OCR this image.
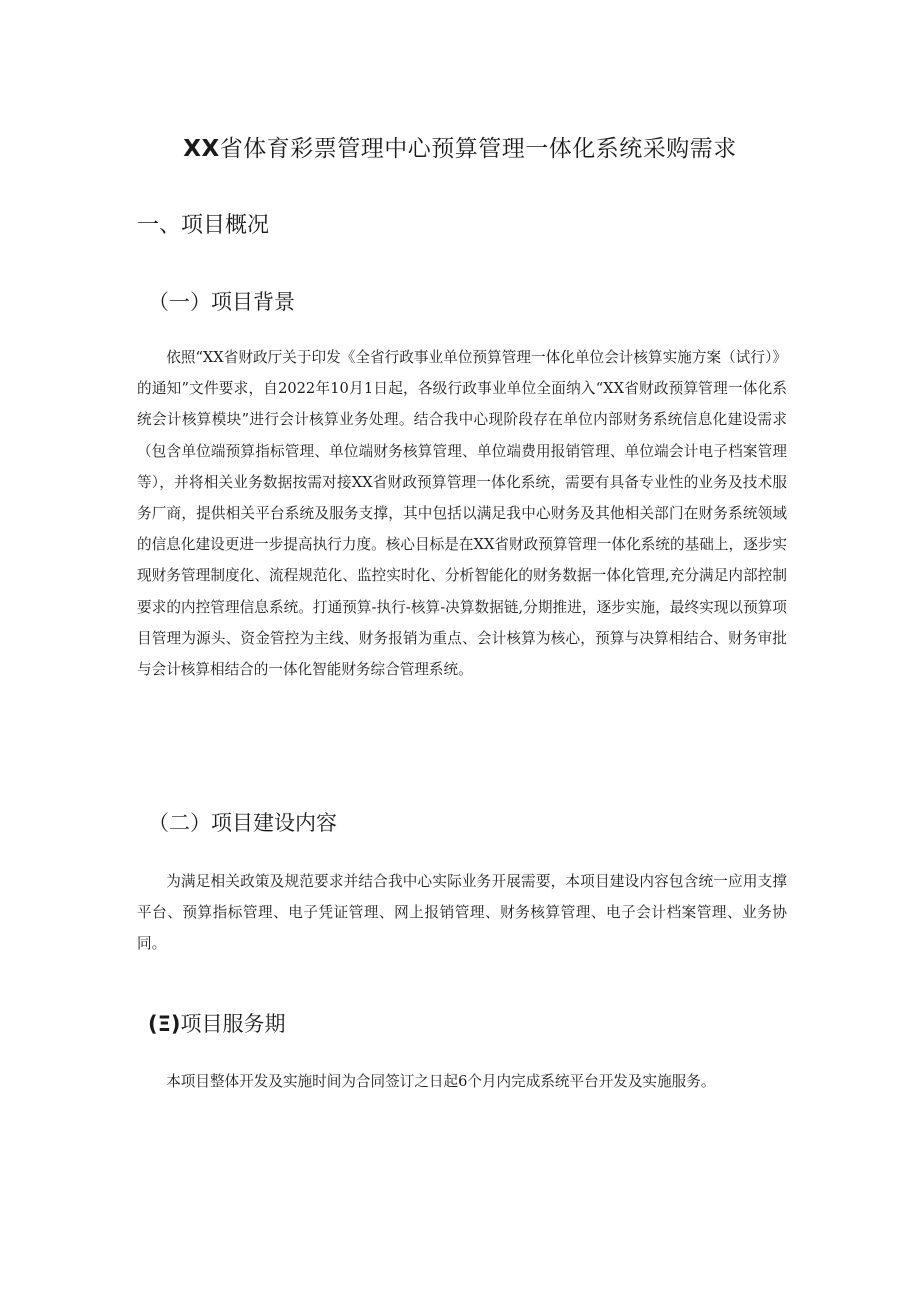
XX省体育彩票管理中心预算管理一体化系统采购需求
一、项目概况
（一）项目背景

依照“XX省财政厅关于印发《全省行政事业单位预算管理一体化单位会计核算实施方案（试行）》的通知”文件要求，自2022年10月1日起，各级行政事业单位全面纳入“XX省财政预算管理一体化系统会计核算模块”进行会计核算业务处理。结合我中心现阶段存在单位内部财务系统信息化建设需求（包含单位端预算指标管理、单位端财务核算管理、单位端费用报销管理、单位端会计电子档案管理等），并将相关业务数据按需对接XX省财政预算管理一体化系统，需要有具备专业性的业务及技术服务厂商，提供相关平台系统及服务支撑，其中包括以满足我中心财务及其他相关部门在财务系统领域的信息化建设更进一步提高执行力度。核心目标是在XX省财政预算管理一体化系统的基础上，逐步实现财务管理制度化、流程规范化、监控实时化、分析智能化的财务数据一体化管理,充分满足内部控制要求的内控管理信息系统。打通预算-执行-核算-决算数据链,分期推进，逐步实施，最终实现以预算项目管理为源头、资金管控为主线、财务报销为重点、会计核算为核心，预算与决算相结合、财务审批与会计核算相结合的一体化智能财务综合管理系统。

（二）项目建设内容

为满足相关政策及规范要求并结合我中心实际业务开展需要，本项目建设内容包含统一应用支撑平台、预算指标管理、电子凭证管理、网上报销管理、财务核算管理、电子会计档案管理、业务协同。

(Ξ)项目服务期

本项目整体开发及实施时间为合同签订之日起6个月内完成系统平台开发及实施服务。
